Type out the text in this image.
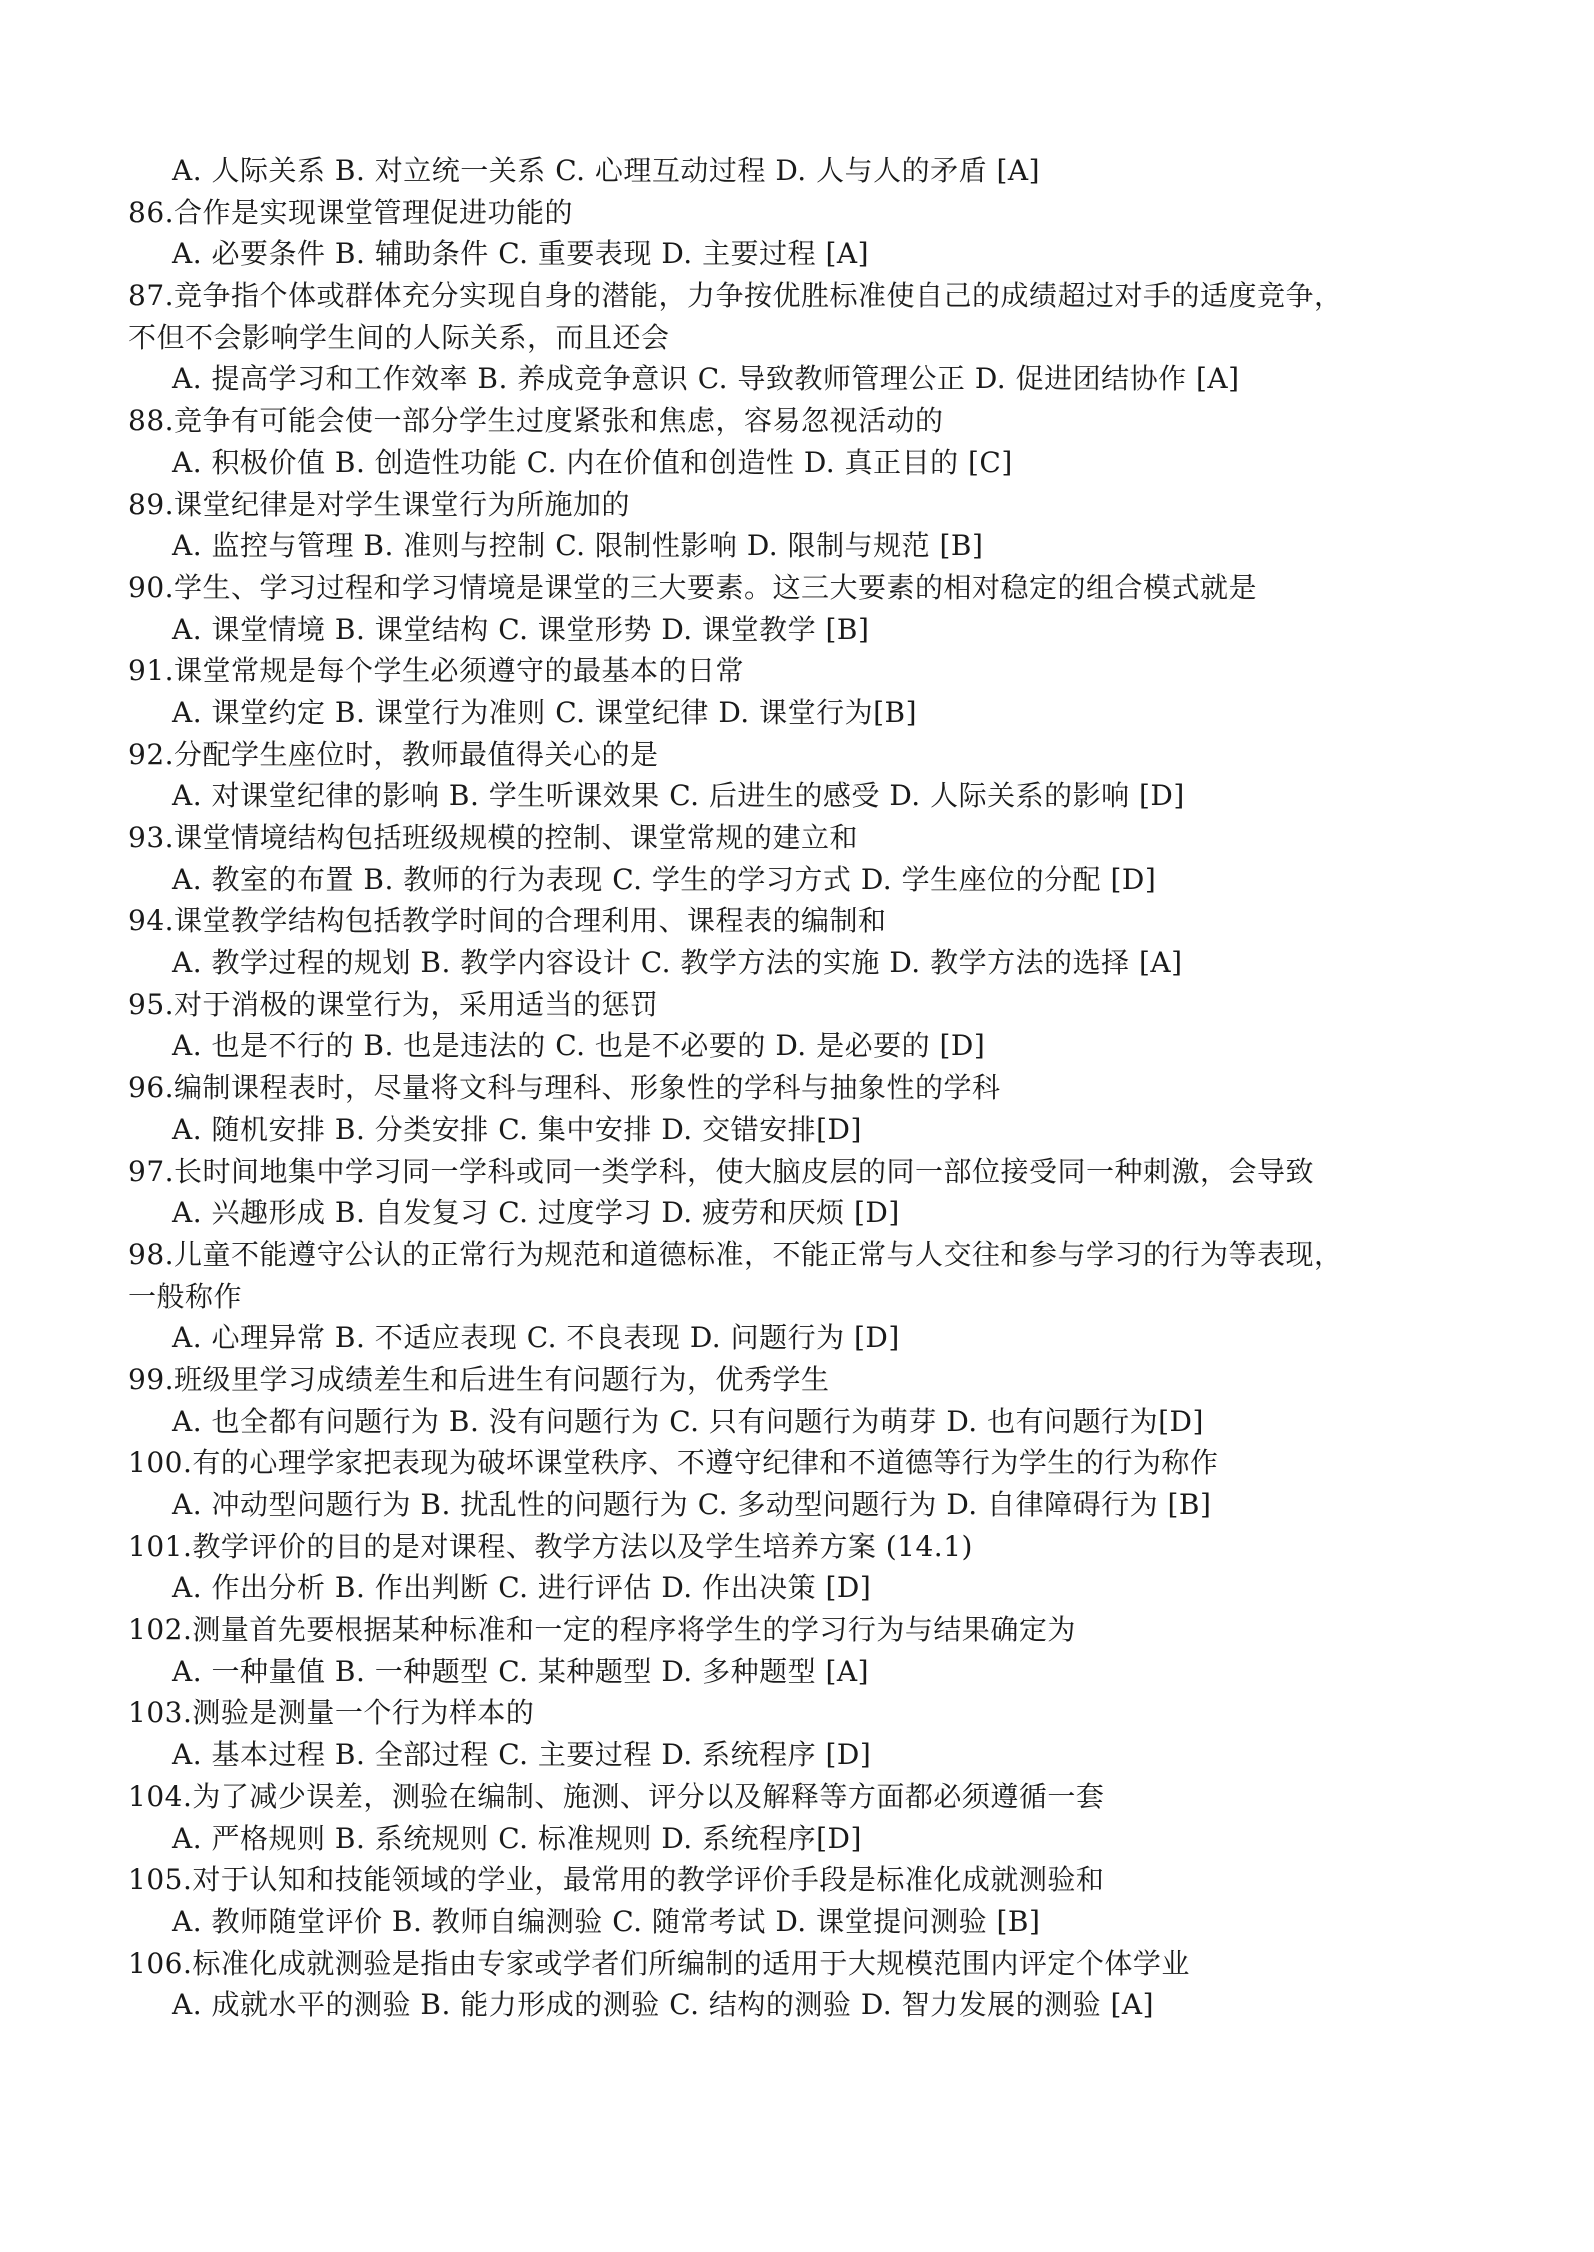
A. 人际关系 B. 对立统一关系 C. 心理互动过程 D. 人与人的矛盾 [A]
86.合作是实现课堂管理促进功能的
A. 必要条件 B. 辅助条件 C. 重要表现 D. 主要过程 [A]
87.竞争指个体或群体充分实现自身的潜能，力争按优胜标准使自己的成绩超过对手的适度竞争，
不但不会影响学生间的人际关系，而且还会
A. 提高学习和工作效率 B. 养成竞争意识 C. 导致教师管理公正 D. 促进团结协作 [A]
88.竞争有可能会使一部分学生过度紧张和焦虑，容易忽视活动的
A. 积极价值 B. 创造性功能 C. 内在价值和创造性 D. 真正目的 [C]
89.课堂纪律是对学生课堂行为所施加的
A. 监控与管理 B. 准则与控制 C. 限制性影响 D. 限制与规范 [B]
90.学生、学习过程和学习情境是课堂的三大要素。这三大要素的相对稳定的组合模式就是
A. 课堂情境 B. 课堂结构 C. 课堂形势 D. 课堂教学 [B]
91.课堂常规是每个学生必须遵守的最基本的日常
A. 课堂约定 B. 课堂行为准则 C. 课堂纪律 D. 课堂行为[B]
92.分配学生座位时，教师最值得关心的是
A. 对课堂纪律的影响 B. 学生听课效果 C. 后进生的感受 D. 人际关系的影响 [D]
93.课堂情境结构包括班级规模的控制、课堂常规的建立和
A. 教室的布置 B. 教师的行为表现 C. 学生的学习方式 D. 学生座位的分配 [D]
94.课堂教学结构包括教学时间的合理利用、课程表的编制和
A. 教学过程的规划 B. 教学内容设计 C. 教学方法的实施 D. 教学方法的选择 [A]
95.对于消极的课堂行为，采用适当的惩罚
A. 也是不行的 B. 也是违法的 C. 也是不必要的 D. 是必要的 [D]
96.编制课程表时，尽量将文科与理科、形象性的学科与抽象性的学科
A. 随机安排 B. 分类安排 C. 集中安排 D. 交错安排[D]
97.长时间地集中学习同一学科或同一类学科，使大脑皮层的同一部位接受同一种刺激，会导致
A. 兴趣形成 B. 自发复习 C. 过度学习 D. 疲劳和厌烦 [D]
98.儿童不能遵守公认的正常行为规范和道德标准，不能正常与人交往和参与学习的行为等表现，
一般称作
A. 心理异常 B. 不适应表现 C. 不良表现 D. 问题行为 [D]
99.班级里学习成绩差生和后进生有问题行为，优秀学生
A. 也全都有问题行为 B. 没有问题行为 C. 只有问题行为萌芽 D. 也有问题行为[D]
100.有的心理学家把表现为破坏课堂秩序、不遵守纪律和不道德等行为学生的行为称作
A. 冲动型问题行为 B. 扰乱性的问题行为 C. 多动型问题行为 D. 自律障碍行为 [B]
101.教学评价的目的是对课程、教学方法以及学生培养方案 (14.1)
A. 作出分析 B. 作出判断 C. 进行评估 D. 作出决策 [D]
102.测量首先要根据某种标准和一定的程序将学生的学习行为与结果确定为
A. 一种量值 B. 一种题型 C. 某种题型 D. 多种题型 [A]
103.测验是测量一个行为样本的
A. 基本过程 B. 全部过程 C. 主要过程 D. 系统程序 [D]
104.为了减少误差，测验在编制、施测、评分以及解释等方面都必须遵循一套
A. 严格规则 B. 系统规则 C. 标准规则 D. 系统程序[D]
105.对于认知和技能领域的学业，最常用的教学评价手段是标准化成就测验和
A. 教师随堂评价 B. 教师自编测验 C. 随常考试 D. 课堂提问测验 [B]
106.标准化成就测验是指由专家或学者们所编制的适用于大规模范围内评定个体学业
A. 成就水平的测验 B. 能力形成的测验 C. 结构的测验 D. 智力发展的测验 [A]
